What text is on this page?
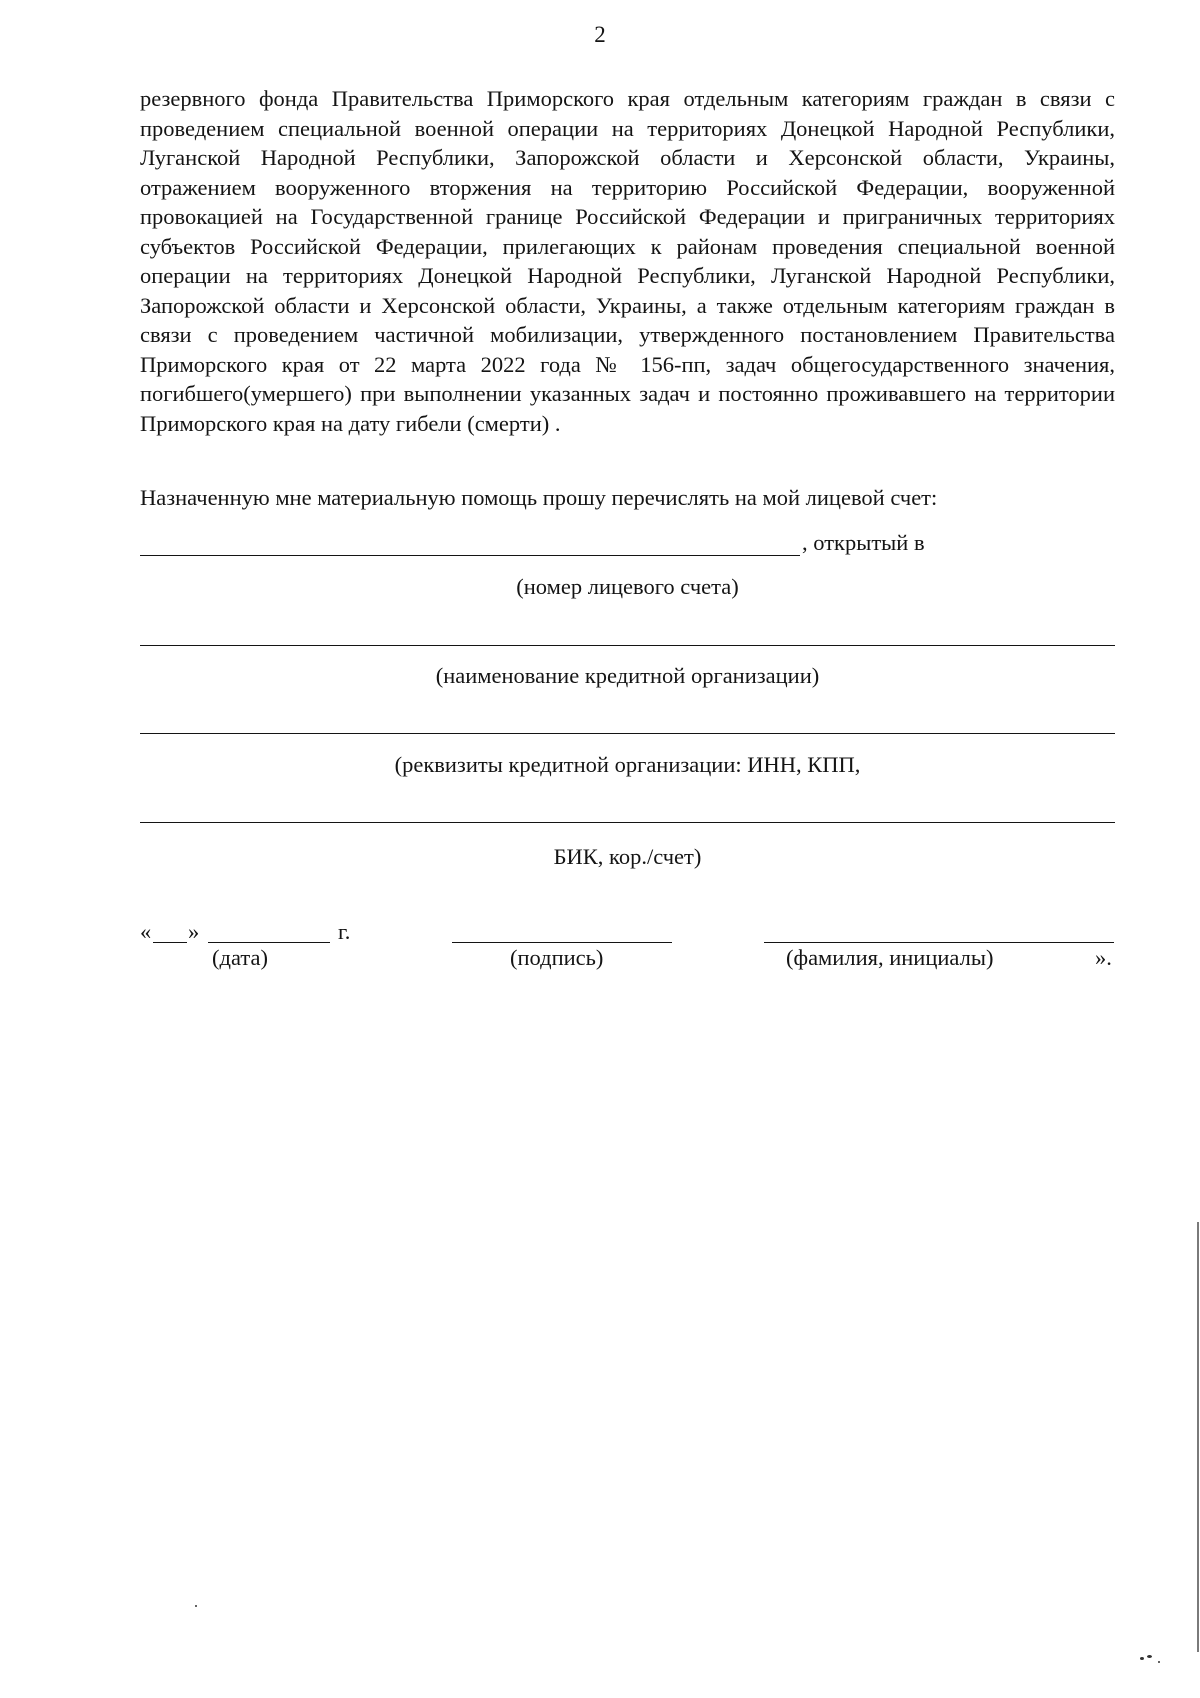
2
резервного фонда Правительства Приморского края отдельным категориям граждан в связи с проведением специальной военной операции на территориях Донецкой Народной Республики, Луганской Народной Республики, Запорожской области и Херсонской области, Украины, отражением вооруженного вторжения на территорию Российской Федерации, вооруженной провокацией на Государственной границе Российской Федерации и приграничных территориях субъектов Российской Федерации, прилегающих к районам проведения специальной военной операции на территориях Донецкой Народной Республики, Луганской Народной Республики, Запорожской области и Херсонской области, Украины, а также отдельным категориям граждан в связи с проведением частичной мобилизации, утвержденного постановлением Правительства Приморского края от 22 марта 2022 года № 156-пп, задач общегосударственного значения, погибшего(умершего) при выполнении указанных задач и постоянно проживавшего на территории Приморского края на дату гибели (смерти) .
Назначенную мне материальную помощь прошу перечислять на мой лицевой счет:
, открытый в
(номер лицевого счета)
(наименование кредитной организации)
(реквизиты кредитной организации: ИНН, КПП,
БИК, кор./счет)
« »	г.
(дата)	(подпись)	(фамилия, инициалы)	».
